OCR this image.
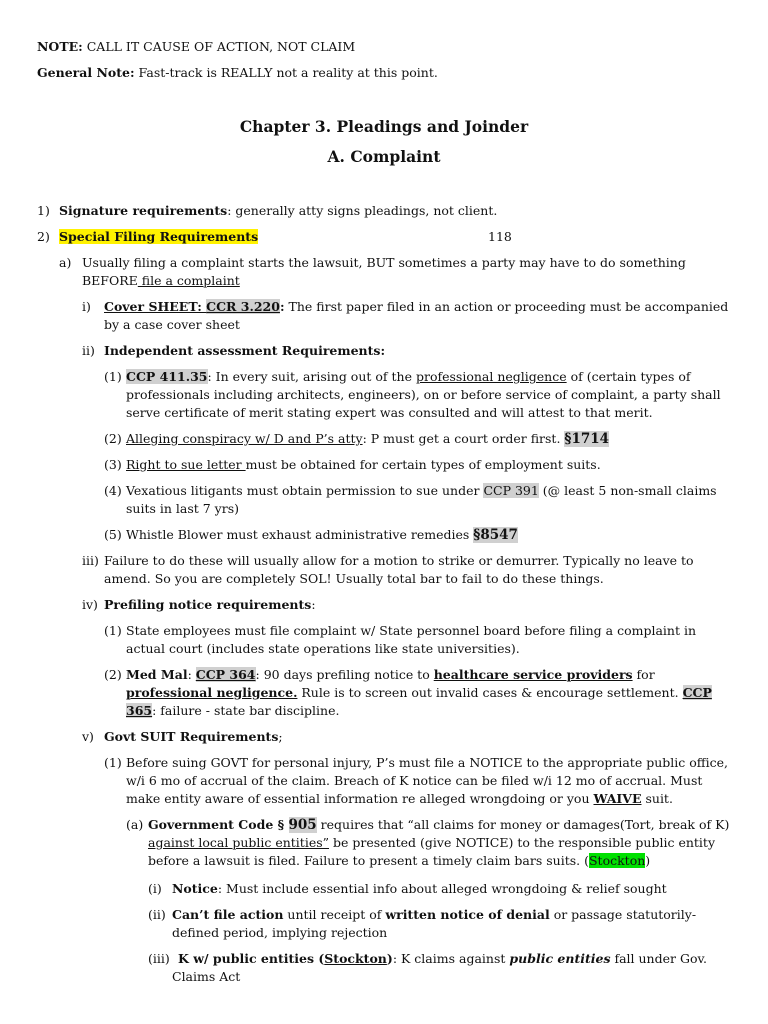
NOTE: CALL IT CAUSE OF ACTION, NOT CLAIM
General Note: Fast-track is REALLY not a reality at this point.
Chapter 3. Pleadings and Joinder
A. Complaint
1) Signature requirements: generally atty signs pleadings, not client.
2) Special Filing Requirements	118
a) Usually filing a complaint starts the lawsuit, BUT sometimes a party may have to do something
BEFORE file a complaint
i) Cover SHEET: CCR 3.220: The first paper filed in an action or proceeding must be accompanied
by a case cover sheet
ii) Independent assessment Requirements:
(1) CCP 411.35: In every suit, arising out of the professional negligence of (certain types of
professionals including architects, engineers), on or before service of complaint, a party shall
serve certificate of merit stating expert was consulted and will attest to that merit.
(2) Alleging conspiracy w/ D and P’s atty: P must get a court order first. §1714
(3) Right to sue letter must be obtained for certain types of employment suits.
(4) Vexatious litigants must obtain permission to sue under CCP 391 (@ least 5 non-small claims
suits in last 7 yrs)
(5) Whistle Blower must exhaust administrative remedies §8547
iii) Failure to do these will usually allow for a motion to strike or demurrer. Typically no leave to
amend. So you are completely SOL! Usually total bar to fail to do these things.
iv) Prefiling notice requirements:
(1) State employees must file complaint w/ State personnel board before filing a complaint in
actual court (includes state operations like state universities).
(2) Med Mal: CCP 364: 90 days prefiling notice to healthcare service providers for
professional negligence. Rule is to screen out invalid cases & encourage settlement. CCP
365: failure - state bar discipline.
v) Govt SUIT Requirements;
(1) Before suing GOVT for personal injury, P’s must file a NOTICE to the appropriate public office,
w/i 6 mo of accrual of the claim. Breach of K notice can be filed w/i 12 mo of accrual. Must
make entity aware of essential information re alleged wrongdoing or you WAIVE suit.
(a) Government Code § 905 requires that “all claims for money or damages(Tort, break of K)
against local public entities” be presented (give NOTICE) to the responsible public entity
before a lawsuit is filed. Failure to present a timely claim bars suits. (Stockton)
(i) Notice: Must include essential info about alleged wrongdoing & relief sought
(ii) Can’t file action until receipt of written notice of denial or passage statutorily-
defined period, implying rejection
(iii) K w/ public entities (Stockton): K claims against public entities fall under Gov.
Claims Act
